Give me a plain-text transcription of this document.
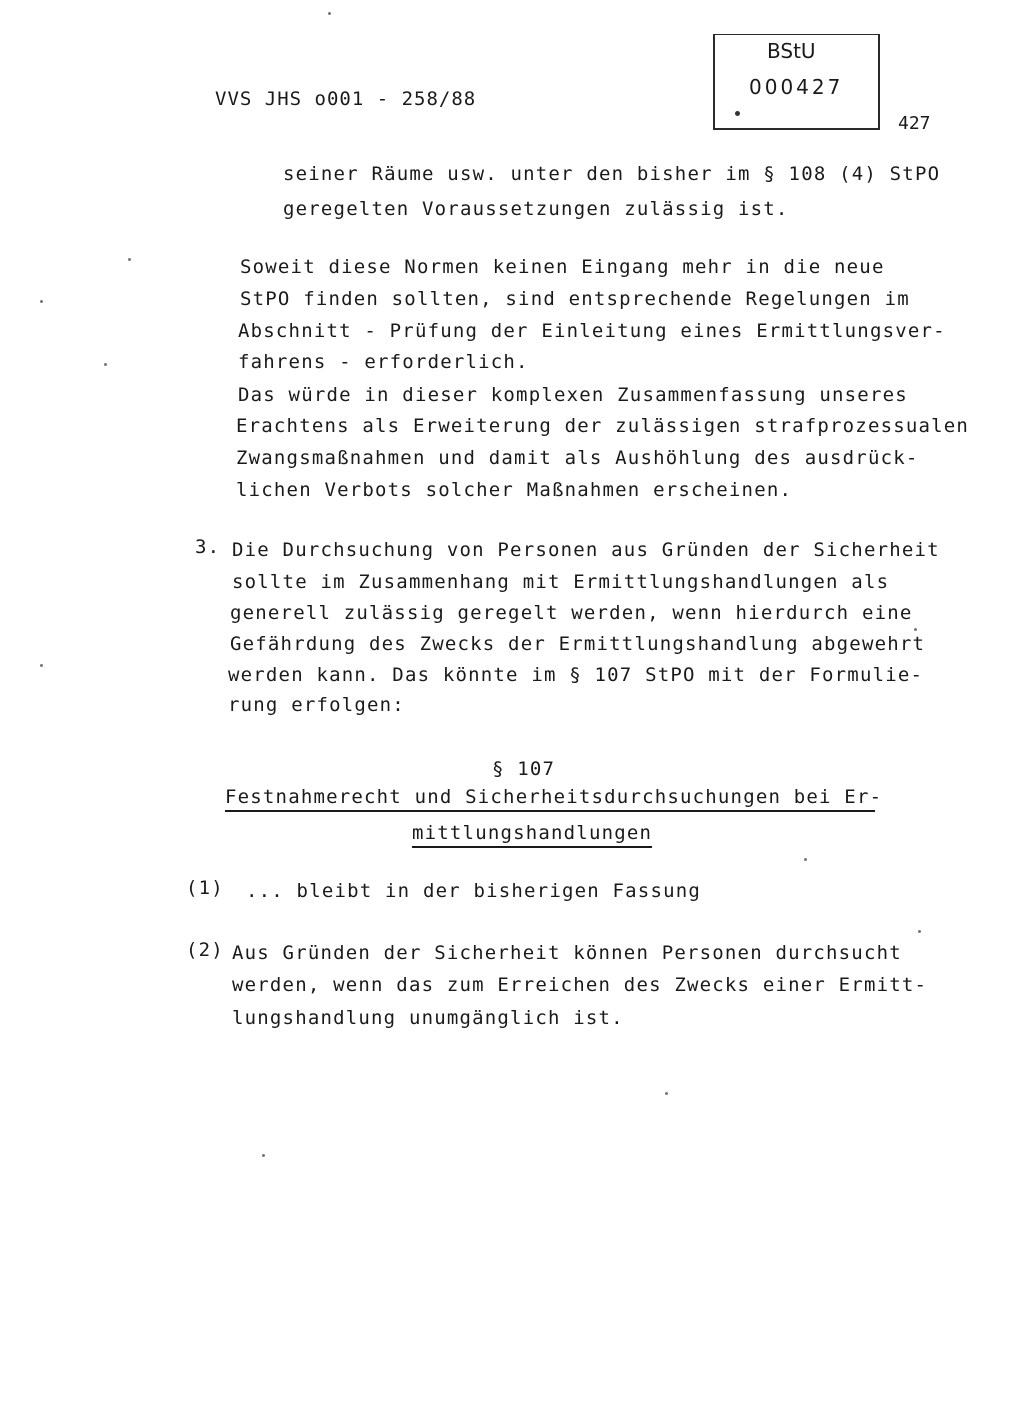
VVS JHS o001 - 258/88
BStU
000427
427
seiner Räume usw. unter den bisher im § 108 (4) StPO
geregelten Voraussetzungen zulässig ist.
Soweit diese Normen keinen Eingang mehr in die neue
StPO finden sollten, sind entsprechende Regelungen im
Abschnitt - Prüfung der Einleitung eines Ermittlungsver-
fahrens - erforderlich.
Das würde in dieser komplexen Zusammenfassung unseres
Erachtens als Erweiterung der zulässigen strafprozessualen
Zwangsmaßnahmen und damit als Aushöhlung des ausdrück-
lichen Verbots solcher Maßnahmen erscheinen.
3. Die Durchsuchung von Personen aus Gründen der Sicherheit
sollte im Zusammenhang mit Ermittlungshandlungen als
generell zulässig geregelt werden, wenn hierdurch eine
Gefährdung des Zwecks der Ermittlungshandlung abgewehrt
werden kann. Das könnte im § 107 StPO mit der Formulie-
rung erfolgen:
§ 107
Festnahmerecht und Sicherheitsdurchsuchungen bei Er-
mittlungshandlungen
(1) ... bleibt in der bisherigen Fassung
(2) Aus Gründen der Sicherheit können Personen durchsucht
werden, wenn das zum Erreichen des Zwecks einer Ermitt-
lungshandlung unumgänglich ist.
